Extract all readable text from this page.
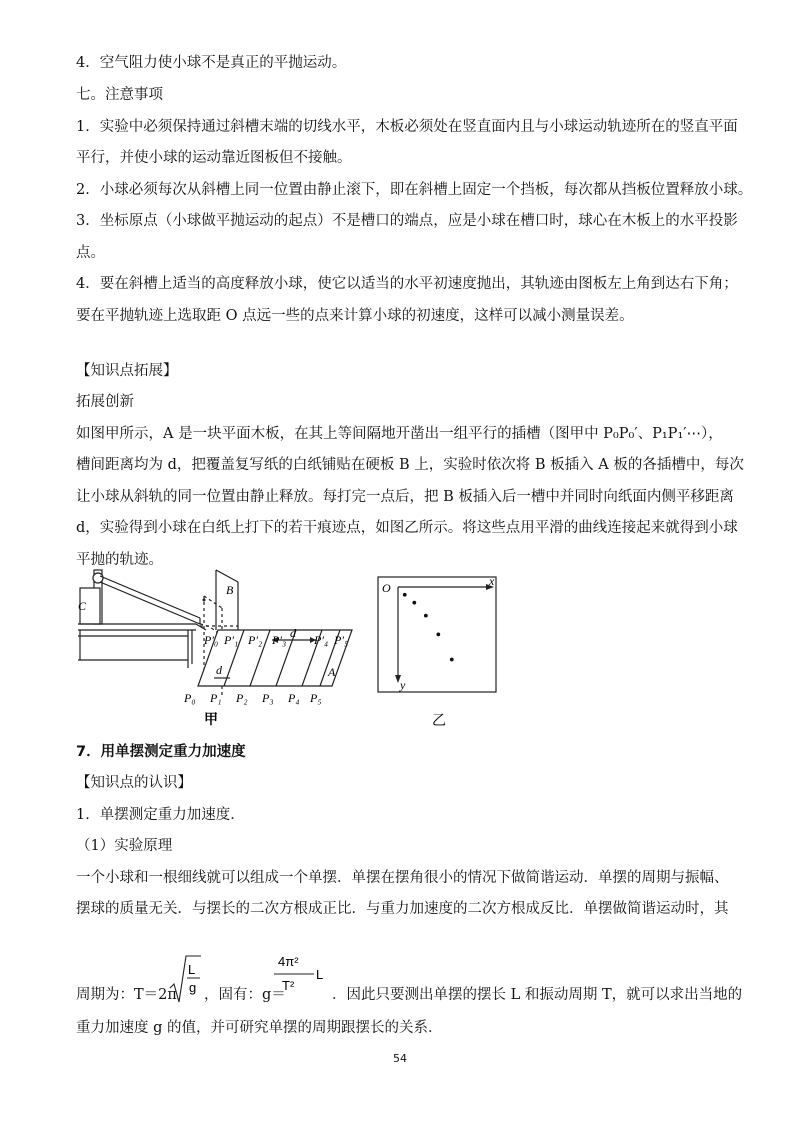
4．空气阻力使小球不是真正的平抛运动。
七。注意事项
1．实验中必须保持通过斜槽末端的切线水平，木板必须处在竖直面内且与小球运动轨迹所在的竖直平面
平行，并使小球的运动靠近图板但不接触。
2．小球必须每次从斜槽上同一位置由静止滚下，即在斜槽上固定一个挡板，每次都从挡板位置释放小球。
3．坐标原点（小球做平抛运动的起点）不是槽口的端点，应是小球在槽口时，球心在木板上的水平投影
点。
4．要在斜槽上适当的高度释放小球，使它以适当的水平初速度抛出，其轨迹由图板左上角到达右下角；
要在平抛轨迹上选取距 O 点远一些的点来计算小球的初速度，这样可以减小测量误差。
【知识点拓展】
拓展创新
如图甲所示，A 是一块平面木板，在其上等间隔地开凿出一组平行的插槽（图甲中 P₀P₀′、P₁P₁′⋯），
槽间距离均为 d，把覆盖复写纸的白纸铺贴在硬板 B 上，实验时依次将 B 板插入 A 板的各插槽中，每次
让小球从斜轨的同一位置由静止释放。每打完一点后，把 B 板插入后一槽中并同时向纸面内侧平移距离
d，实验得到小球在白纸上打下的若干痕迹点，如图乙所示。将这些点用平滑的曲线连接起来就得到小球
平抛的轨迹。
C
B
A
d
d
P′₀ P′₁ P′₂ P′₃ P′₄ P′₅
P₀ P₁ P₂ P₃ P₄ P₅
甲
O	x
y
乙
7．用单摆测定重力加速度
【知识点的认识】
1．单摆测定重力加速度．
（1）实验原理
一个小球和一根细线就可以组成一个单摆．单摆在摆角很小的情况下做简谐运动．单摆的周期与振幅、
摆球的质量无关．与摆长的二次方根成正比．与重力加速度的二次方根成反比．单摆做简谐运动时，其
周期为：T＝2π
L
g ，固有：g＝
4π²
T²
L
．因此只要测出单摆的摆长 L 和振动周期 T，就可以求出当地的
重力加速度 g 的值，并可研究单摆的周期跟摆长的关系．
54
